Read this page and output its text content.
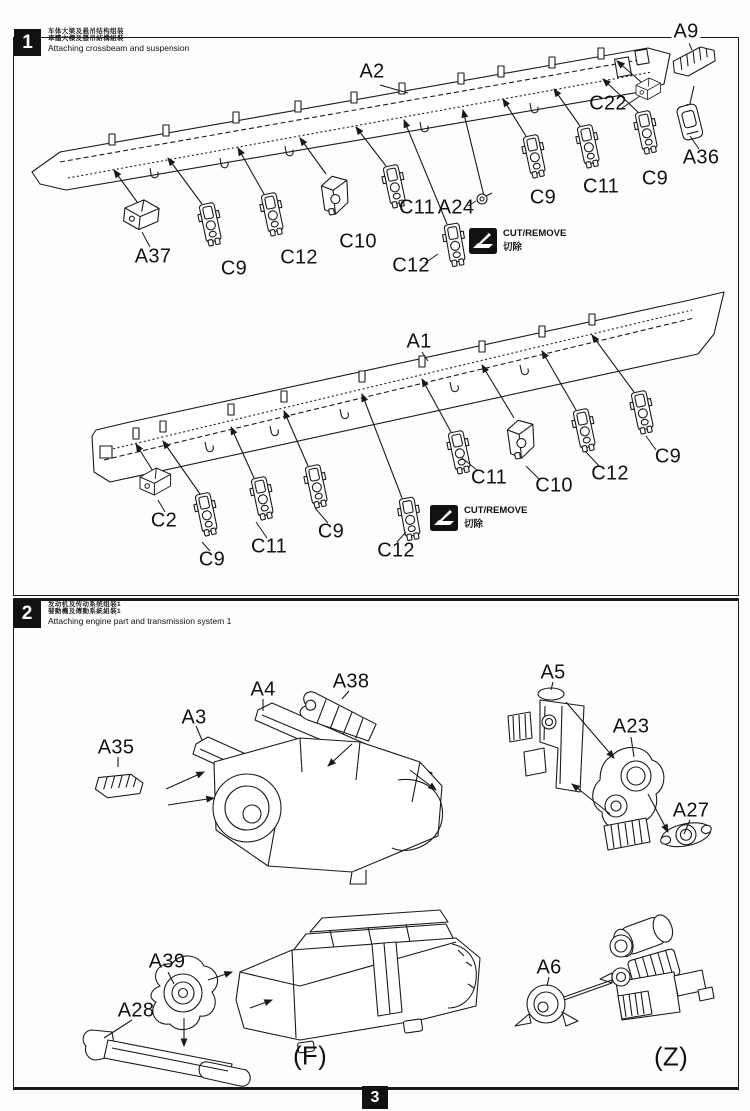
1	车体大梁及悬吊结构组装
車體大樑及懸吊結構組裝
Attaching crossbeam and suspension
2	发动机及传动系统组装1
發動機及傳動系統組裝1
Attaching engine part and transmission system 1
A2
A37
C9 C12
C10
C11 A24
C12
C9 C11 C9
C22
A9
A36
A1
C2
C9
C11
C9
C12
C11 C10
C12
C9
A35
A3
A4	A38	A5
A23
A27
A39
A28
A6
(F)	(Z)
CUT/REMOVE
切除
CUT/REMOVE
切除
3
